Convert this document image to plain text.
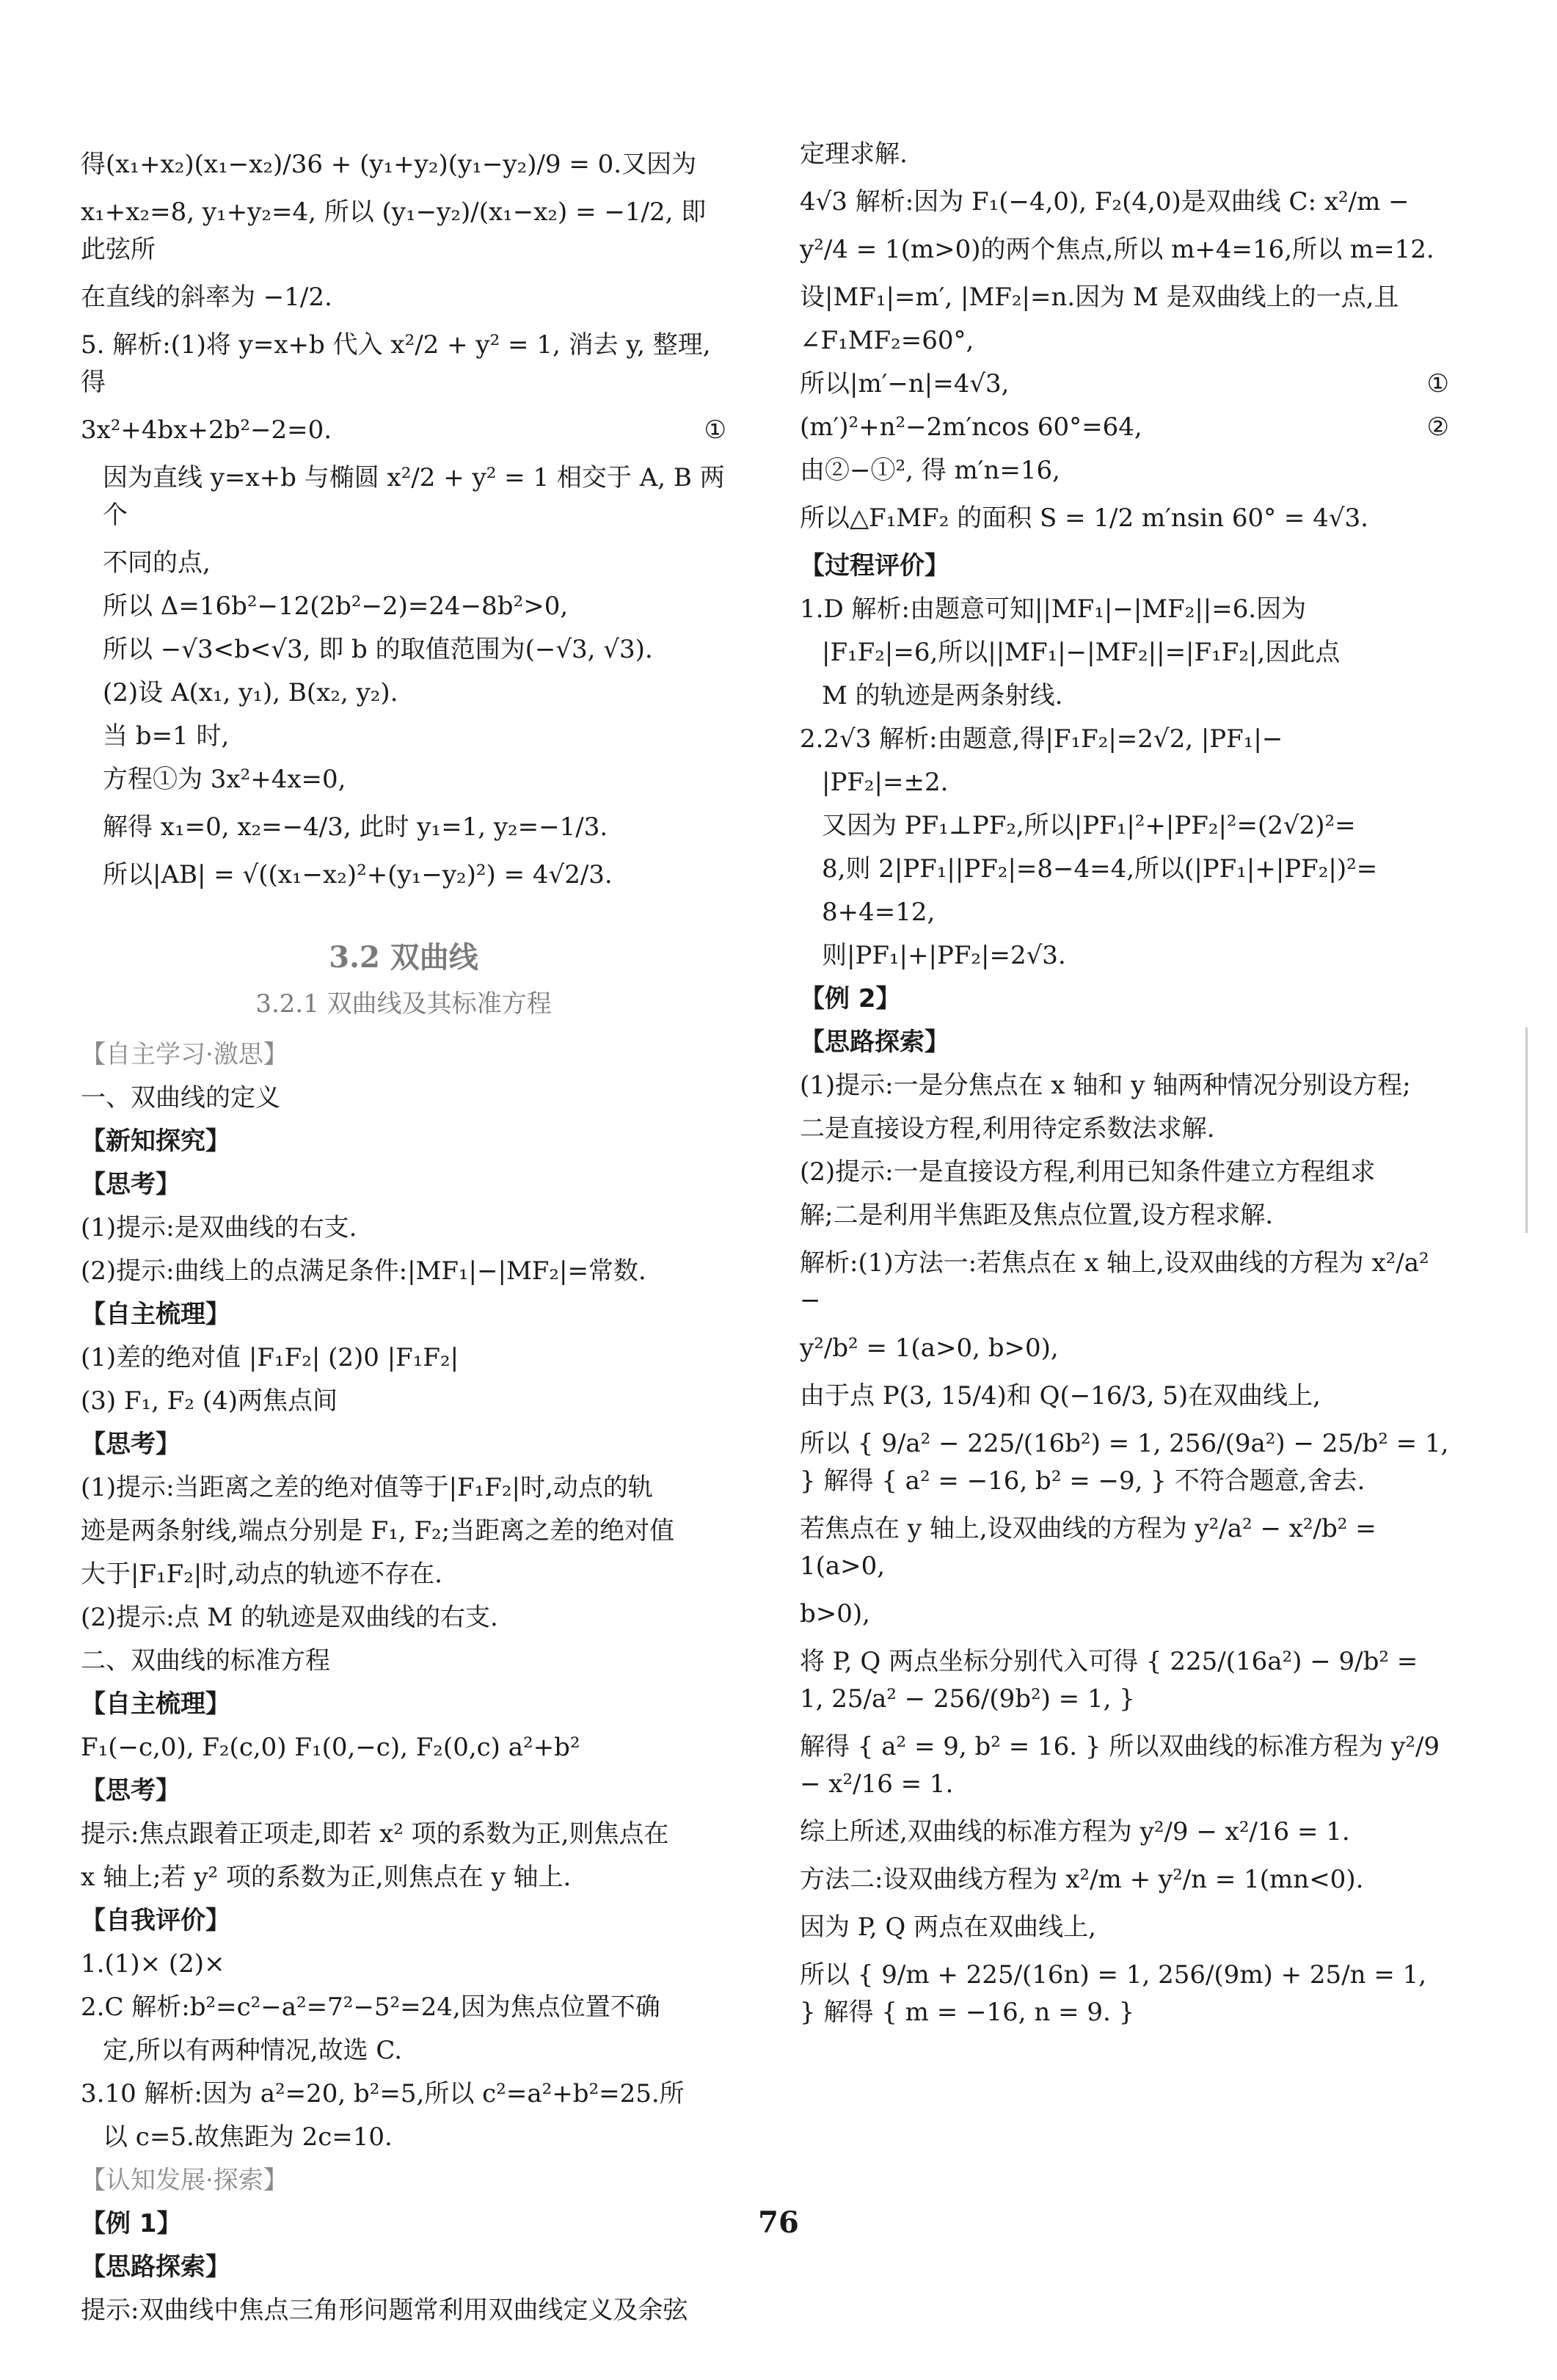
得(x₁+x₂)(x₁−x₂)/36 + (y₁+y₂)(y₁−y₂)/9 = 0.又因为
x₁+x₂=8, y₁+y₂=4, 所以 (y₁−y₂)/(x₁−x₂) = −1/2, 即此弦所
在直线的斜率为 −1/2.
5. 解析:(1)将 y=x+b 代入 x²/2 + y² = 1, 消去 y, 整理, 得
3x²+4bx+2b²−2=0.	①
因为直线 y=x+b 与椭圆 x²/2 + y² = 1 相交于 A, B 两个
不同的点,
所以 Δ=16b²−12(2b²−2)=24−8b²>0,
所以 −√3<b<√3, 即 b 的取值范围为(−√3, √3).
(2)设 A(x₁, y₁), B(x₂, y₂).
当 b=1 时,
方程①为 3x²+4x=0,
解得 x₁=0, x₂=−4/3, 此时 y₁=1, y₂=−1/3.
所以|AB| = √((x₁−x₂)²+(y₁−y₂)²) = 4√2/3.
3.2 双曲线
3.2.1 双曲线及其标准方程
【自主学习·激思】
一、双曲线的定义
【新知探究】
【思考】
(1)提示:是双曲线的右支.
(2)提示:曲线上的点满足条件:|MF₁|−|MF₂|=常数.
【自主梳理】
(1)差的绝对值 |F₁F₂| (2)0 |F₁F₂|
(3) F₁, F₂ (4)两焦点间
【思考】
(1)提示:当距离之差的绝对值等于|F₁F₂|时,动点的轨
迹是两条射线,端点分别是 F₁, F₂;当距离之差的绝对值
大于|F₁F₂|时,动点的轨迹不存在.
(2)提示:点 M 的轨迹是双曲线的右支.
二、双曲线的标准方程
【自主梳理】
F₁(−c,0), F₂(c,0) F₁(0,−c), F₂(0,c) a²+b²
【思考】
提示:焦点跟着正项走,即若 x² 项的系数为正,则焦点在
x 轴上;若 y² 项的系数为正,则焦点在 y 轴上.
【自我评价】
1.(1)× (2)×
2.C 解析:b²=c²−a²=7²−5²=24,因为焦点位置不确
定,所以有两种情况,故选 C.
3.10 解析:因为 a²=20, b²=5,所以 c²=a²+b²=25.所
以 c=5.故焦距为 2c=10.
【认知发展·探索】
【例 1】
【思路探索】
提示:双曲线中焦点三角形问题常利用双曲线定义及余弦
定理求解.
4√3 解析:因为 F₁(−4,0), F₂(4,0)是双曲线 C: x²/m −
y²/4 = 1(m>0)的两个焦点,所以 m+4=16,所以 m=12.
设|MF₁|=m′, |MF₂|=n.因为 M 是双曲线上的一点,且
∠F₁MF₂=60°,
所以|m′−n|=4√3,	①
(m′)²+n²−2m′ncos 60°=64,	②
由②−①², 得 m′n=16,
所以△F₁MF₂ 的面积 S = 1/2 m′nsin 60° = 4√3.
【过程评价】
1.D 解析:由题意可知||MF₁|−|MF₂||=6.因为
|F₁F₂|=6,所以||MF₁|−|MF₂||=|F₁F₂|,因此点
M 的轨迹是两条射线.
2.2√3 解析:由题意,得|F₁F₂|=2√2, |PF₁|−
|PF₂|=±2.
又因为 PF₁⊥PF₂,所以|PF₁|²+|PF₂|²=(2√2)²=
8,则 2|PF₁||PF₂|=8−4=4,所以(|PF₁|+|PF₂|)²=
8+4=12,
则|PF₁|+|PF₂|=2√3.
【例 2】
【思路探索】
(1)提示:一是分焦点在 x 轴和 y 轴两种情况分别设方程;
二是直接设方程,利用待定系数法求解.
(2)提示:一是直接设方程,利用已知条件建立方程组求
解;二是利用半焦距及焦点位置,设方程求解.
解析:(1)方法一:若焦点在 x 轴上,设双曲线的方程为 x²/a² −
y²/b² = 1(a>0, b>0),
由于点 P(3, 15/4)和 Q(−16/3, 5)在双曲线上,
所以 { 9/a² − 225/(16b²) = 1, 256/(9a²) − 25/b² = 1, } 解得 { a² = −16, b² = −9, } 不符合题意,舍去.
若焦点在 y 轴上,设双曲线的方程为 y²/a² − x²/b² = 1(a>0,
b>0),
将 P, Q 两点坐标分别代入可得 { 225/(16a²) − 9/b² = 1, 25/a² − 256/(9b²) = 1, }
解得 { a² = 9, b² = 16. } 所以双曲线的标准方程为 y²/9 − x²/16 = 1.
综上所述,双曲线的标准方程为 y²/9 − x²/16 = 1.
方法二:设双曲线方程为 x²/m + y²/n = 1(mn<0).
因为 P, Q 两点在双曲线上,
所以 { 9/m + 225/(16n) = 1, 256/(9m) + 25/n = 1, } 解得 { m = −16, n = 9. }
76
